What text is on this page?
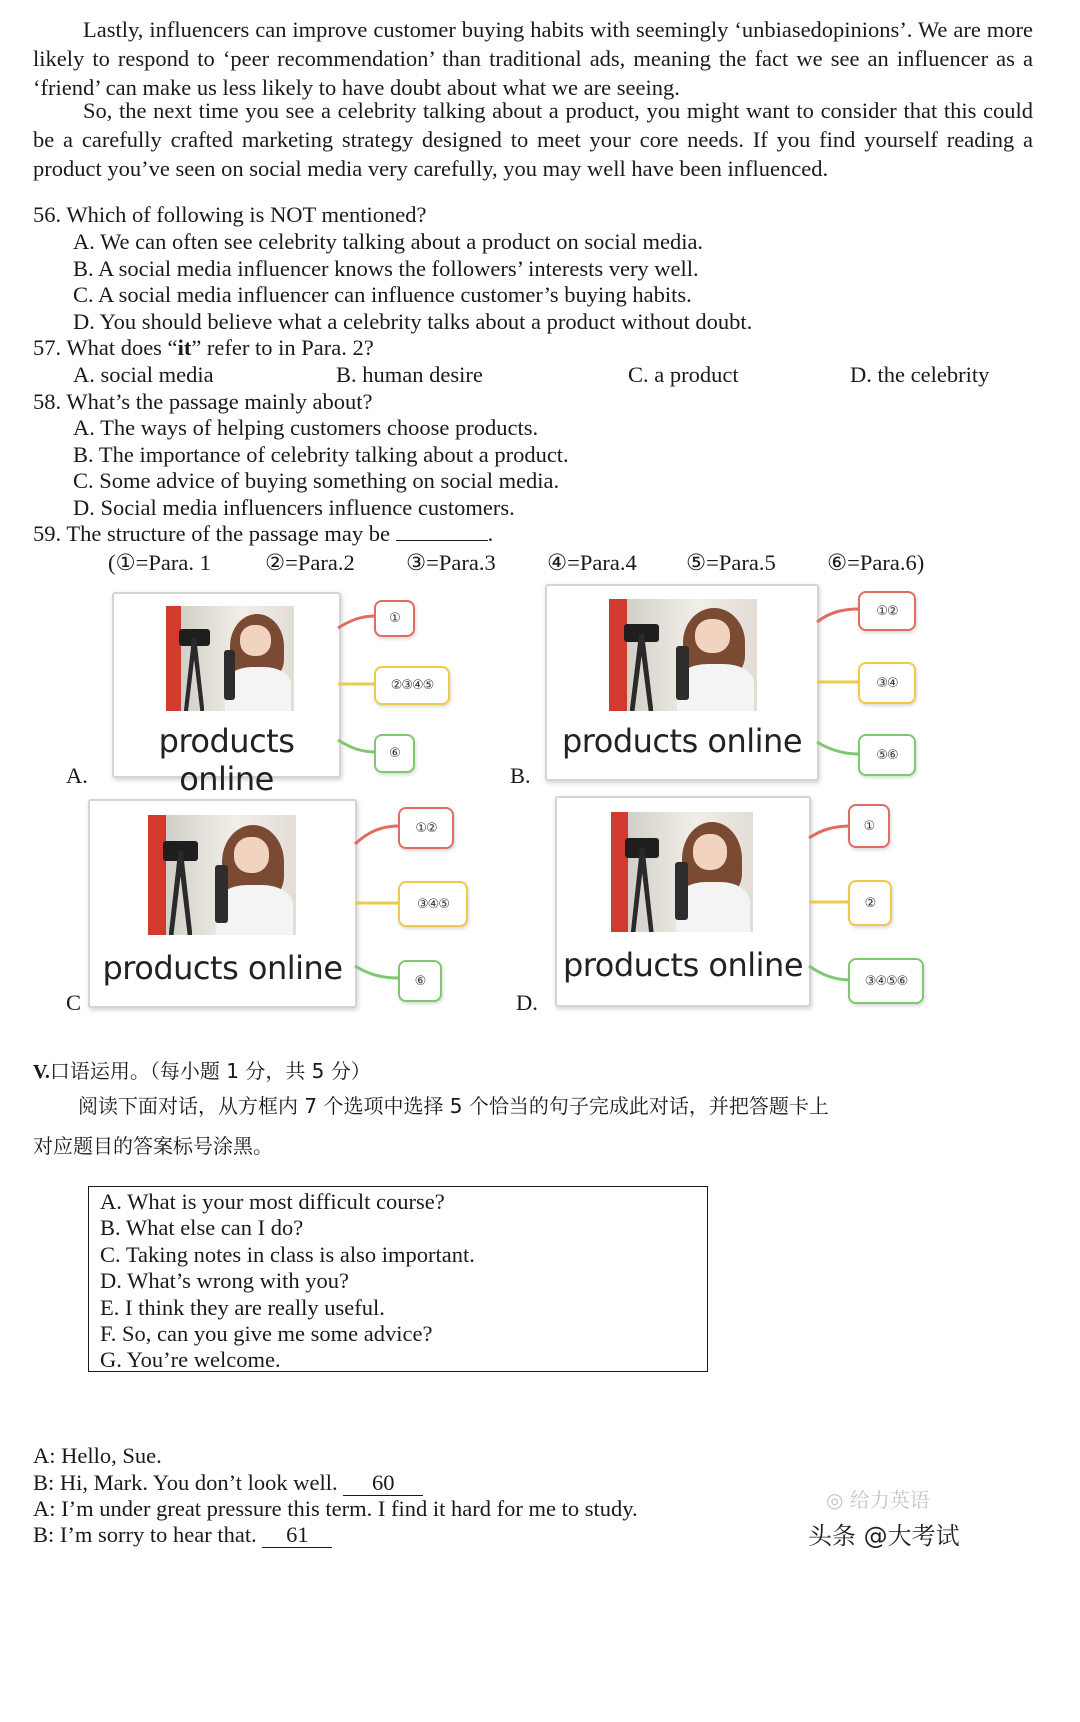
Lastly, influencers can improve customer buying habits with seemingly ‘unbiasedopinions’. We are more likely to respond to ‘peer recommendation’ than traditional ads, meaning the fact we see an influencer as a ‘friend’ can make us less likely to have doubt about what we are seeing.
So, the next time you see a celebrity talking about a product, you might want to consider that this could be a carefully crafted marketing strategy designed to meet your core needs. If you find yourself reading a product you’ve seen on social media very carefully, you may well have been influenced.
56. Which of following is NOT mentioned?
A. We can often see celebrity talking about a product on social media.
B. A social media influencer knows the followers’ interests very well.
C. A social media influencer can influence customer’s buying habits.
D. You should believe what a celebrity talks about a product without doubt.
57. What does “it” refer to in Para. 2?
A. social media	B. human desire	C. a product	D. the celebrity
58. What’s the passage mainly about?
A. The ways of helping customers choose products.
B. The importance of celebrity talking about a product.
C. Some advice of buying something on social media.
D. Social media influencers influence customers.
59. The structure of the passage may be	.
(①=Para. 1 ②=Para.2 ③=Para.3 ④=Para.4 ⑤=Para.5 ⑥=Para.6)
products online
①
②③④⑤
⑥
A.
products online
①②
③④
⑤⑥
B.
products online
①②
③④⑤
⑥
C
products online
①
②
③④⑤⑥
D.
V.口语运用。（每小题 1 分，共 5 分）
阅读下面对话，从方框内 7 个选项中选择 5 个恰当的句子完成此对话，并把答题卡上
对应题目的答案标号涂黑。
A. What is your most difficult course?
B. What else can I do?
C. Taking notes in class is also important.
D. What’s wrong with you?
E. I think they are really useful.
F. So, can you give me some advice?
G. You’re welcome.
A: Hello, Sue.
B: Hi, Mark. You don’t look well. 60
A: I’m under great pressure this term. I find it hard for me to study.
B: I’m sorry to hear that. 61
◎ 给力英语
头条 @大考试
